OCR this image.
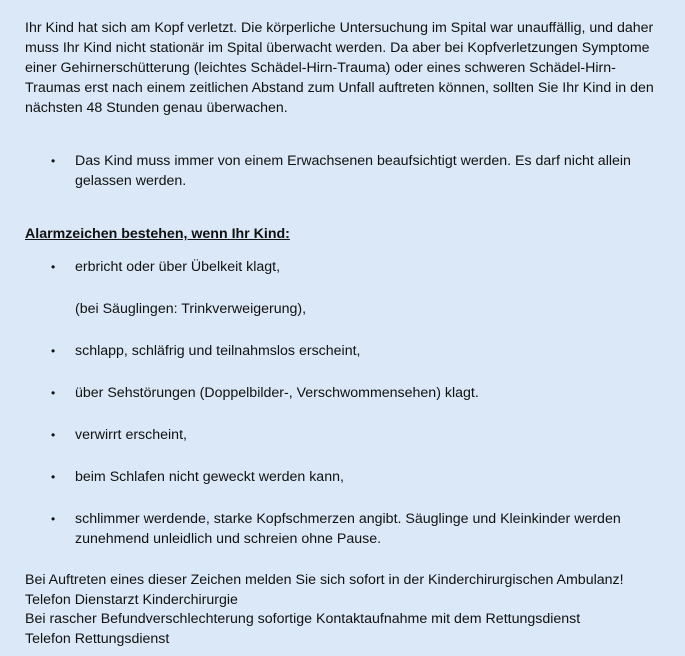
Ihr Kind hat sich am Kopf verletzt. Die körperliche Untersuchung im Spital war unauffällig, und daher muss Ihr Kind nicht stationär im Spital überwacht werden. Da aber bei Kopfverletzungen Symptome einer Gehirnerschütterung (leichtes Schädel-Hirn-Trauma) oder eines schweren Schädel-Hirn-Traumas erst nach einem zeitlichen Abstand zum Unfall auftreten können, sollten Sie Ihr Kind in den nächsten 48 Stunden genau überwachen.

• Das Kind muss immer von einem Erwachsenen beaufsichtigt werden. Es darf nicht allein gelassen werden.
Alarmzeichen bestehen, wenn Ihr Kind:
• erbricht oder über Übelkeit klagt,
(bei Säuglingen: Trinkverweigerung),
• schlapp, schläfrig und teilnahmslos erscheint,
• über Sehstörungen (Doppelbilder-, Verschwommensehen) klagt.
• verwirrt erscheint,
• beim Schlafen nicht geweckt werden kann,
• schlimmer werdende, starke Kopfschmerzen angibt. Säuglinge und Kleinkinder werden zunehmend unleidlich und schreien ohne Pause.
Bei Auftreten eines dieser Zeichen melden Sie sich sofort in der Kinderchirurgischen Ambulanz!
Telefon Dienstarzt Kinderchirurgie
Bei rascher Befundverschlechterung sofortige Kontaktaufnahme mit dem Rettungsdienst
Telefon Rettungsdienst
